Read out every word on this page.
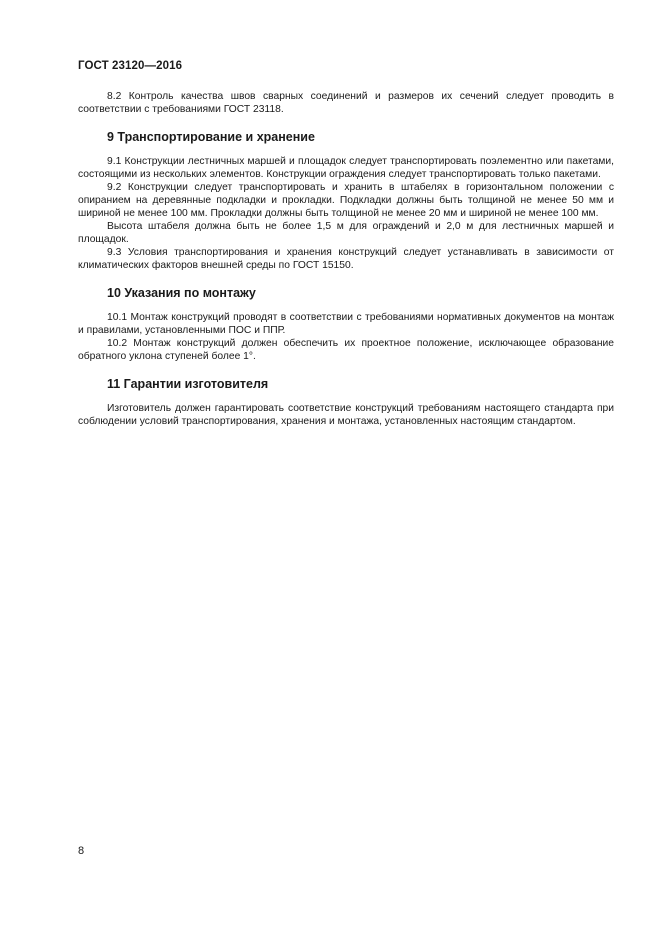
ГОСТ 23120—2016

8.2 Контроль качества швов сварных соединений и размеров их сечений следует проводить в соответствии с требованиями ГОСТ 23118.

9 Транспортирование и хранение

9.1 Конструкции лестничных маршей и площадок следует транспортировать поэлементно или пакетами, состоящими из нескольких элементов. Конструкции ограждения следует транспортировать только пакетами.

9.2 Конструкции следует транспортировать и хранить в штабелях в горизонтальном положении с опиранием на деревянные подкладки и прокладки. Подкладки должны быть толщиной не менее 50 мм и шириной не менее 100 мм. Прокладки должны быть толщиной не менее 20 мм и шириной не менее 100 мм.

Высота штабеля должна быть не более 1,5 м для ограждений и 2,0 м для лестничных маршей и площадок.

9.3 Условия транспортирования и хранения конструкций следует устанавливать в зависимости от климатических факторов внешней среды по ГОСТ 15150.

10 Указания по монтажу

10.1 Монтаж конструкций проводят в соответствии с требованиями нормативных документов на монтаж и правилами, установленными ПОС и ППР.

10.2 Монтаж конструкций должен обеспечить их проектное положение, исключающее образование обратного уклона ступеней более 1°.

11 Гарантии изготовителя

Изготовитель должен гарантировать соответствие конструкций требованиям настоящего стандарта при соблюдении условий транспортирования, хранения и монтажа, установленных настоящим стандартом.

8
